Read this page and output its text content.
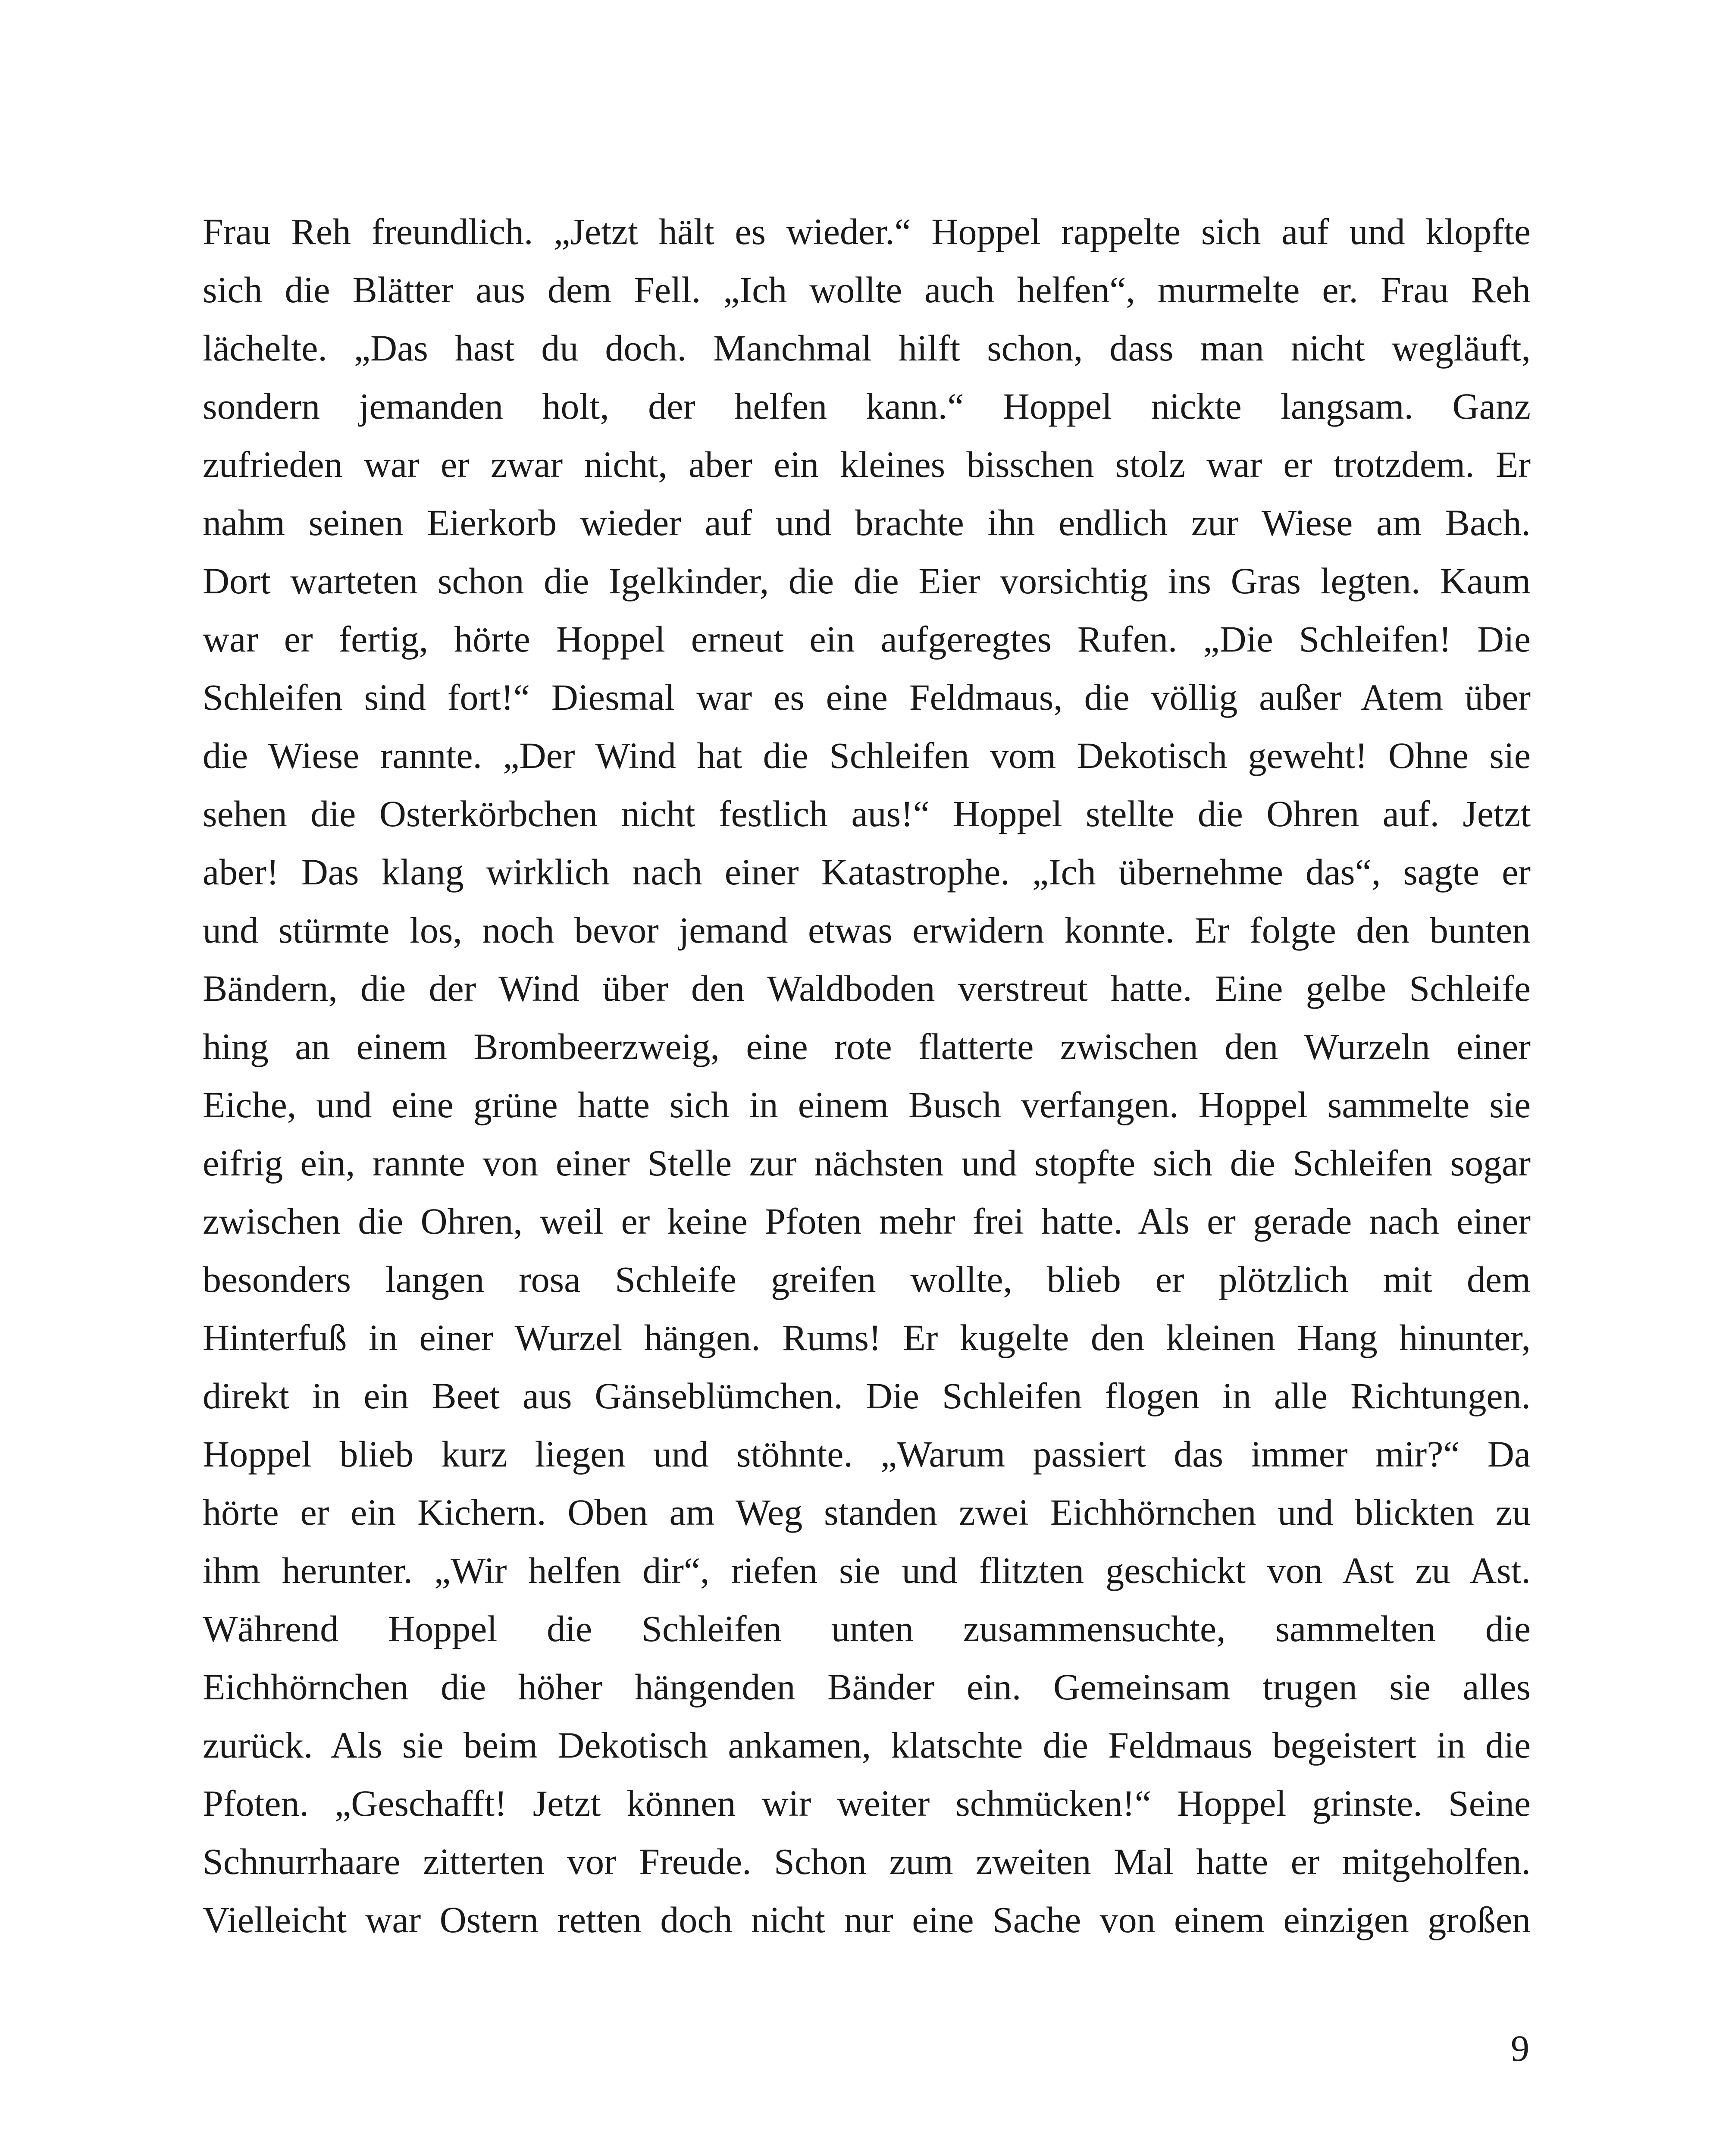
Frau Reh freundlich. „Jetzt hält es wieder.“ Hoppel rappelte sich auf und klopfte
sich die Blätter aus dem Fell. „Ich wollte auch helfen“, murmelte er. Frau Reh
lächelte. „Das hast du doch. Manchmal hilft schon, dass man nicht wegläuft,
sondern jemanden holt, der helfen kann.“ Hoppel nickte langsam. Ganz
zufrieden war er zwar nicht, aber ein kleines bisschen stolz war er trotzdem. Er
nahm seinen Eierkorb wieder auf und brachte ihn endlich zur Wiese am Bach.
Dort warteten schon die Igelkinder, die die Eier vorsichtig ins Gras legten. Kaum
war er fertig, hörte Hoppel erneut ein aufgeregtes Rufen. „Die Schleifen! Die
Schleifen sind fort!“ Diesmal war es eine Feldmaus, die völlig außer Atem über
die Wiese rannte. „Der Wind hat die Schleifen vom Dekotisch geweht! Ohne sie
sehen die Osterkörbchen nicht festlich aus!“ Hoppel stellte die Ohren auf. Jetzt
aber! Das klang wirklich nach einer Katastrophe. „Ich übernehme das“, sagte er
und stürmte los, noch bevor jemand etwas erwidern konnte. Er folgte den bunten
Bändern, die der Wind über den Waldboden verstreut hatte. Eine gelbe Schleife
hing an einem Brombeerzweig, eine rote flatterte zwischen den Wurzeln einer
Eiche, und eine grüne hatte sich in einem Busch verfangen. Hoppel sammelte sie
eifrig ein, rannte von einer Stelle zur nächsten und stopfte sich die Schleifen sogar
zwischen die Ohren, weil er keine Pfoten mehr frei hatte. Als er gerade nach einer
besonders langen rosa Schleife greifen wollte, blieb er plötzlich mit dem
Hinterfuß in einer Wurzel hängen. Rums! Er kugelte den kleinen Hang hinunter,
direkt in ein Beet aus Gänseblümchen. Die Schleifen flogen in alle Richtungen.
Hoppel blieb kurz liegen und stöhnte. „Warum passiert das immer mir?“ Da
hörte er ein Kichern. Oben am Weg standen zwei Eichhörnchen und blickten zu
ihm herunter. „Wir helfen dir“, riefen sie und flitzten geschickt von Ast zu Ast.
Während Hoppel die Schleifen unten zusammensuchte, sammelten die
Eichhörnchen die höher hängenden Bänder ein. Gemeinsam trugen sie alles
zurück. Als sie beim Dekotisch ankamen, klatschte die Feldmaus begeistert in die
Pfoten. „Geschafft! Jetzt können wir weiter schmücken!“ Hoppel grinste. Seine
Schnurrhaare zitterten vor Freude. Schon zum zweiten Mal hatte er mitgeholfen.
Vielleicht war Ostern retten doch nicht nur eine Sache von einem einzigen großen

9
